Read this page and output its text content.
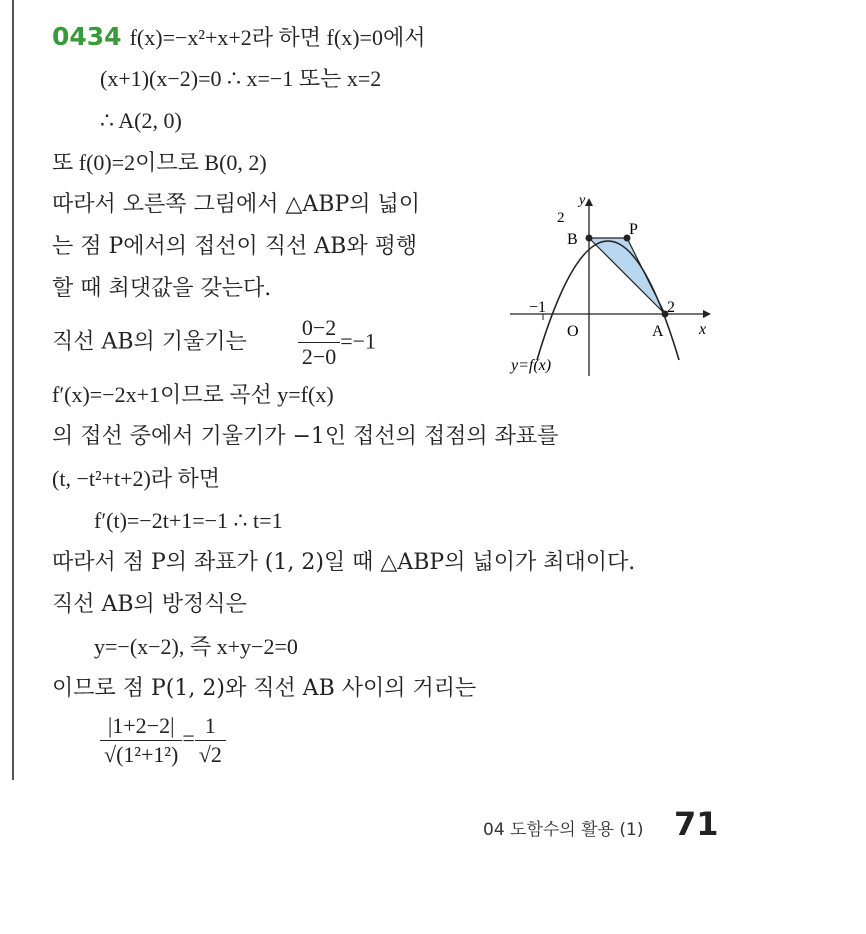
0434 f(x)=−x²+x+2라 하면 f(x)=0에서
(x+1)(x−2)=0 ∴ x=−1 또는 x=2
∴ A(2, 0)
또 f(0)=2이므로 B(0, 2)
따라서 오른쪽 그림에서 △ABP의 넓이
는 점 P에서의 접선이 직선 AB와 평행
할 때 최댓값을 갖는다.
직선 AB의 기울기는 $\frac{0-2}{2-0} =-1$
f′(x)=−2x+1이므로 곡선 y=f(x)
의 접선 중에서 기울기가 −1인 접선의 접점의 좌표를
(t, −t²+t+2)라 하면
f′(t)=−2t+1=−1 ∴ t=1
따라서 점 P의 좌표가 (1, 2)일 때 △ABP의 넓이가 최대이다.
직선 AB의 방정식은
y=−(x−2), 즉 x+y−2=0
이므로 점 P(1, 2)와 직선 AB 사이의 거리는
$\frac{|1+2-2|}{\text{√(1²+1²)}} = \frac{1}{√2}$
y
x
O
−1	2
2
B
P
A
y=f(x)
04 도함수의 활용 (1) 71
